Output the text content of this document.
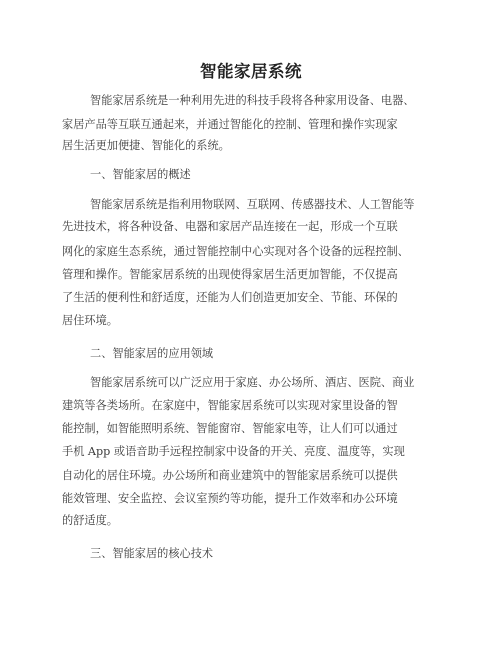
智能家居系统
智能家居系统是一种利用先进的科技手段将各种家用设备、电器、
家居产品等互联互通起来，并通过智能化的控制、管理和操作实现家
居生活更加便捷、智能化的系统。
一、智能家居的概述
智能家居系统是指利用物联网、互联网、传感器技术、人工智能等
先进技术，将各种设备、电器和家居产品连接在一起，形成一个互联
网化的家庭生态系统，通过智能控制中心实现对各个设备的远程控制、
管理和操作。智能家居系统的出现使得家居生活更加智能，不仅提高
了生活的便利性和舒适度，还能为人们创造更加安全、节能、环保的
居住环境。
二、智能家居的应用领域
智能家居系统可以广泛应用于家庭、办公场所、酒店、医院、商业
建筑等各类场所。在家庭中，智能家居系统可以实现对家里设备的智
能控制，如智能照明系统、智能窗帘、智能家电等，让人们可以通过
手机 App 或语音助手远程控制家中设备的开关、亮度、温度等，实现
自动化的居住环境。办公场所和商业建筑中的智能家居系统可以提供
能效管理、安全监控、会议室预约等功能，提升工作效率和办公环境
的舒适度。
三、智能家居的核心技术
